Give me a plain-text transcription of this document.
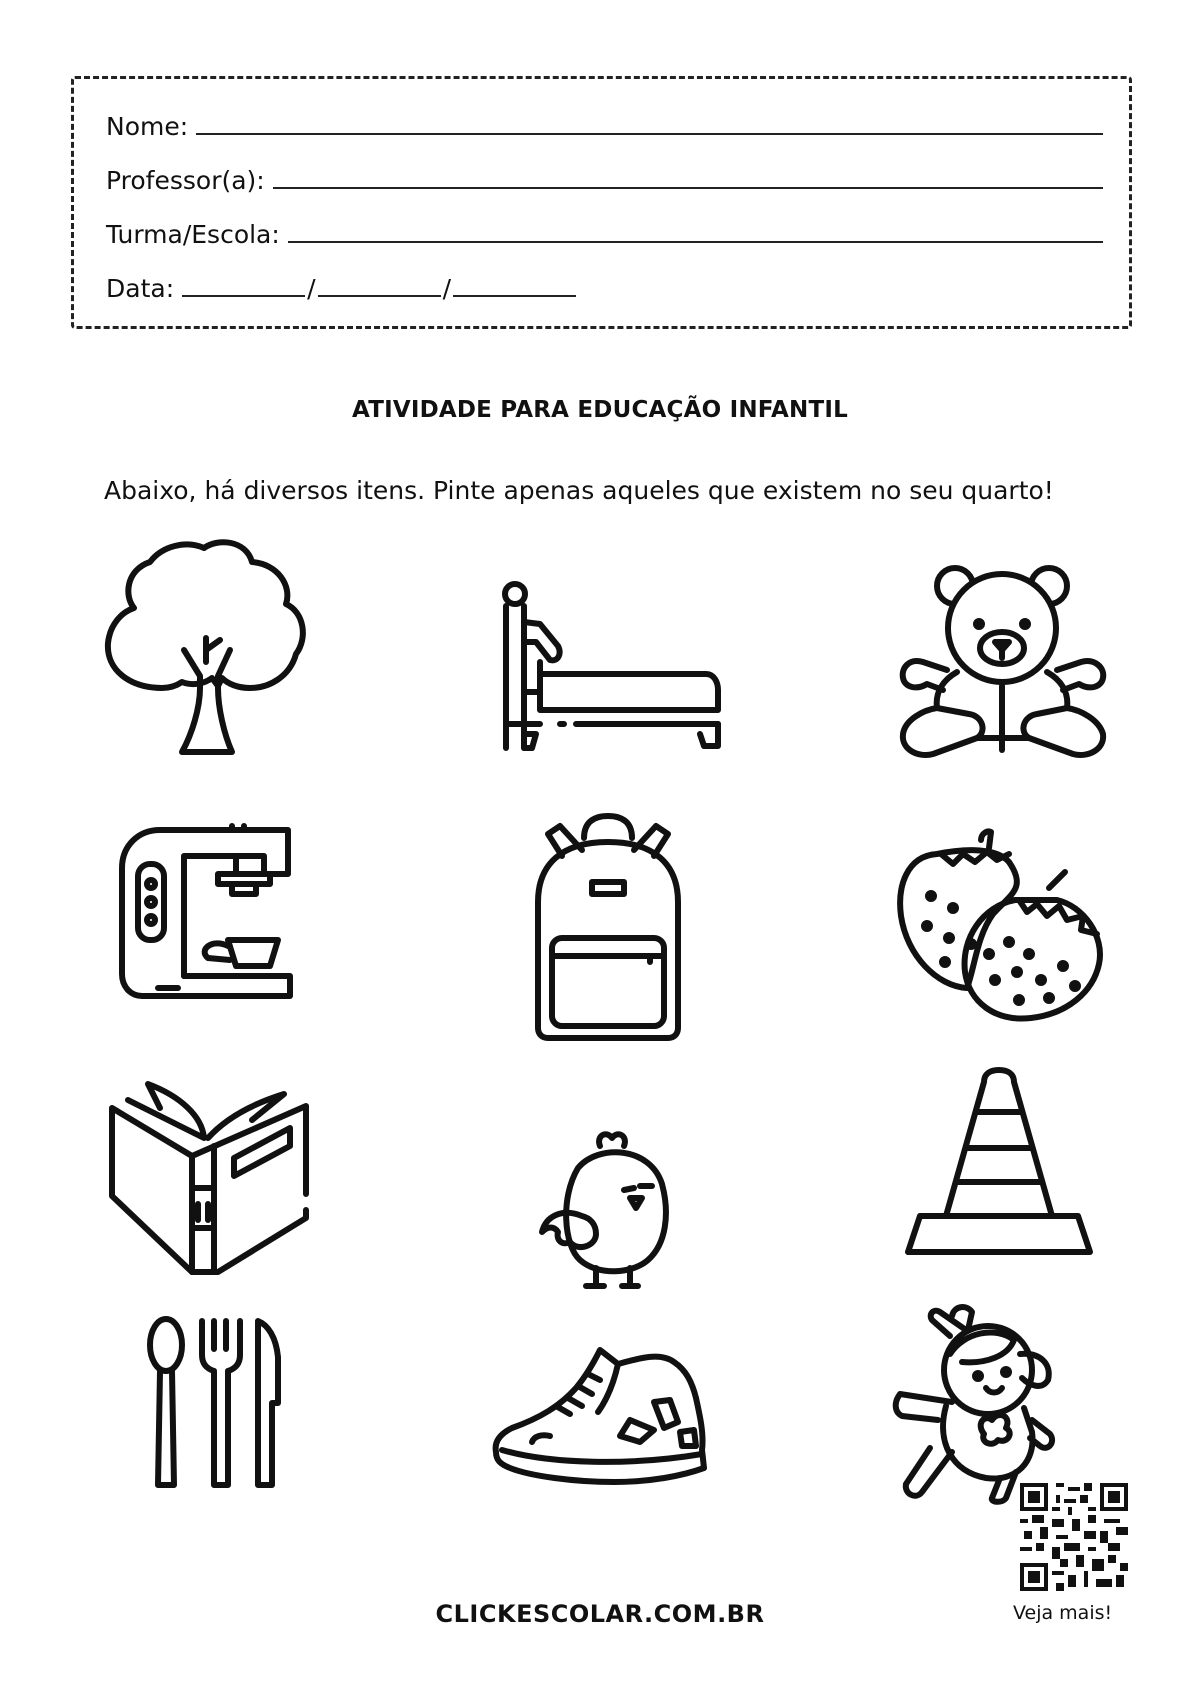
Nome:
Professor(a):
Turma/Escola:
Data:	/	/
ATIVIDADE PARA EDUCAÇÃO INFANTIL
Abaixo, há diversos itens. Pinte apenas aqueles que existem no seu quarto!
Veja mais!
CLICKESCOLAR.COM.BR
